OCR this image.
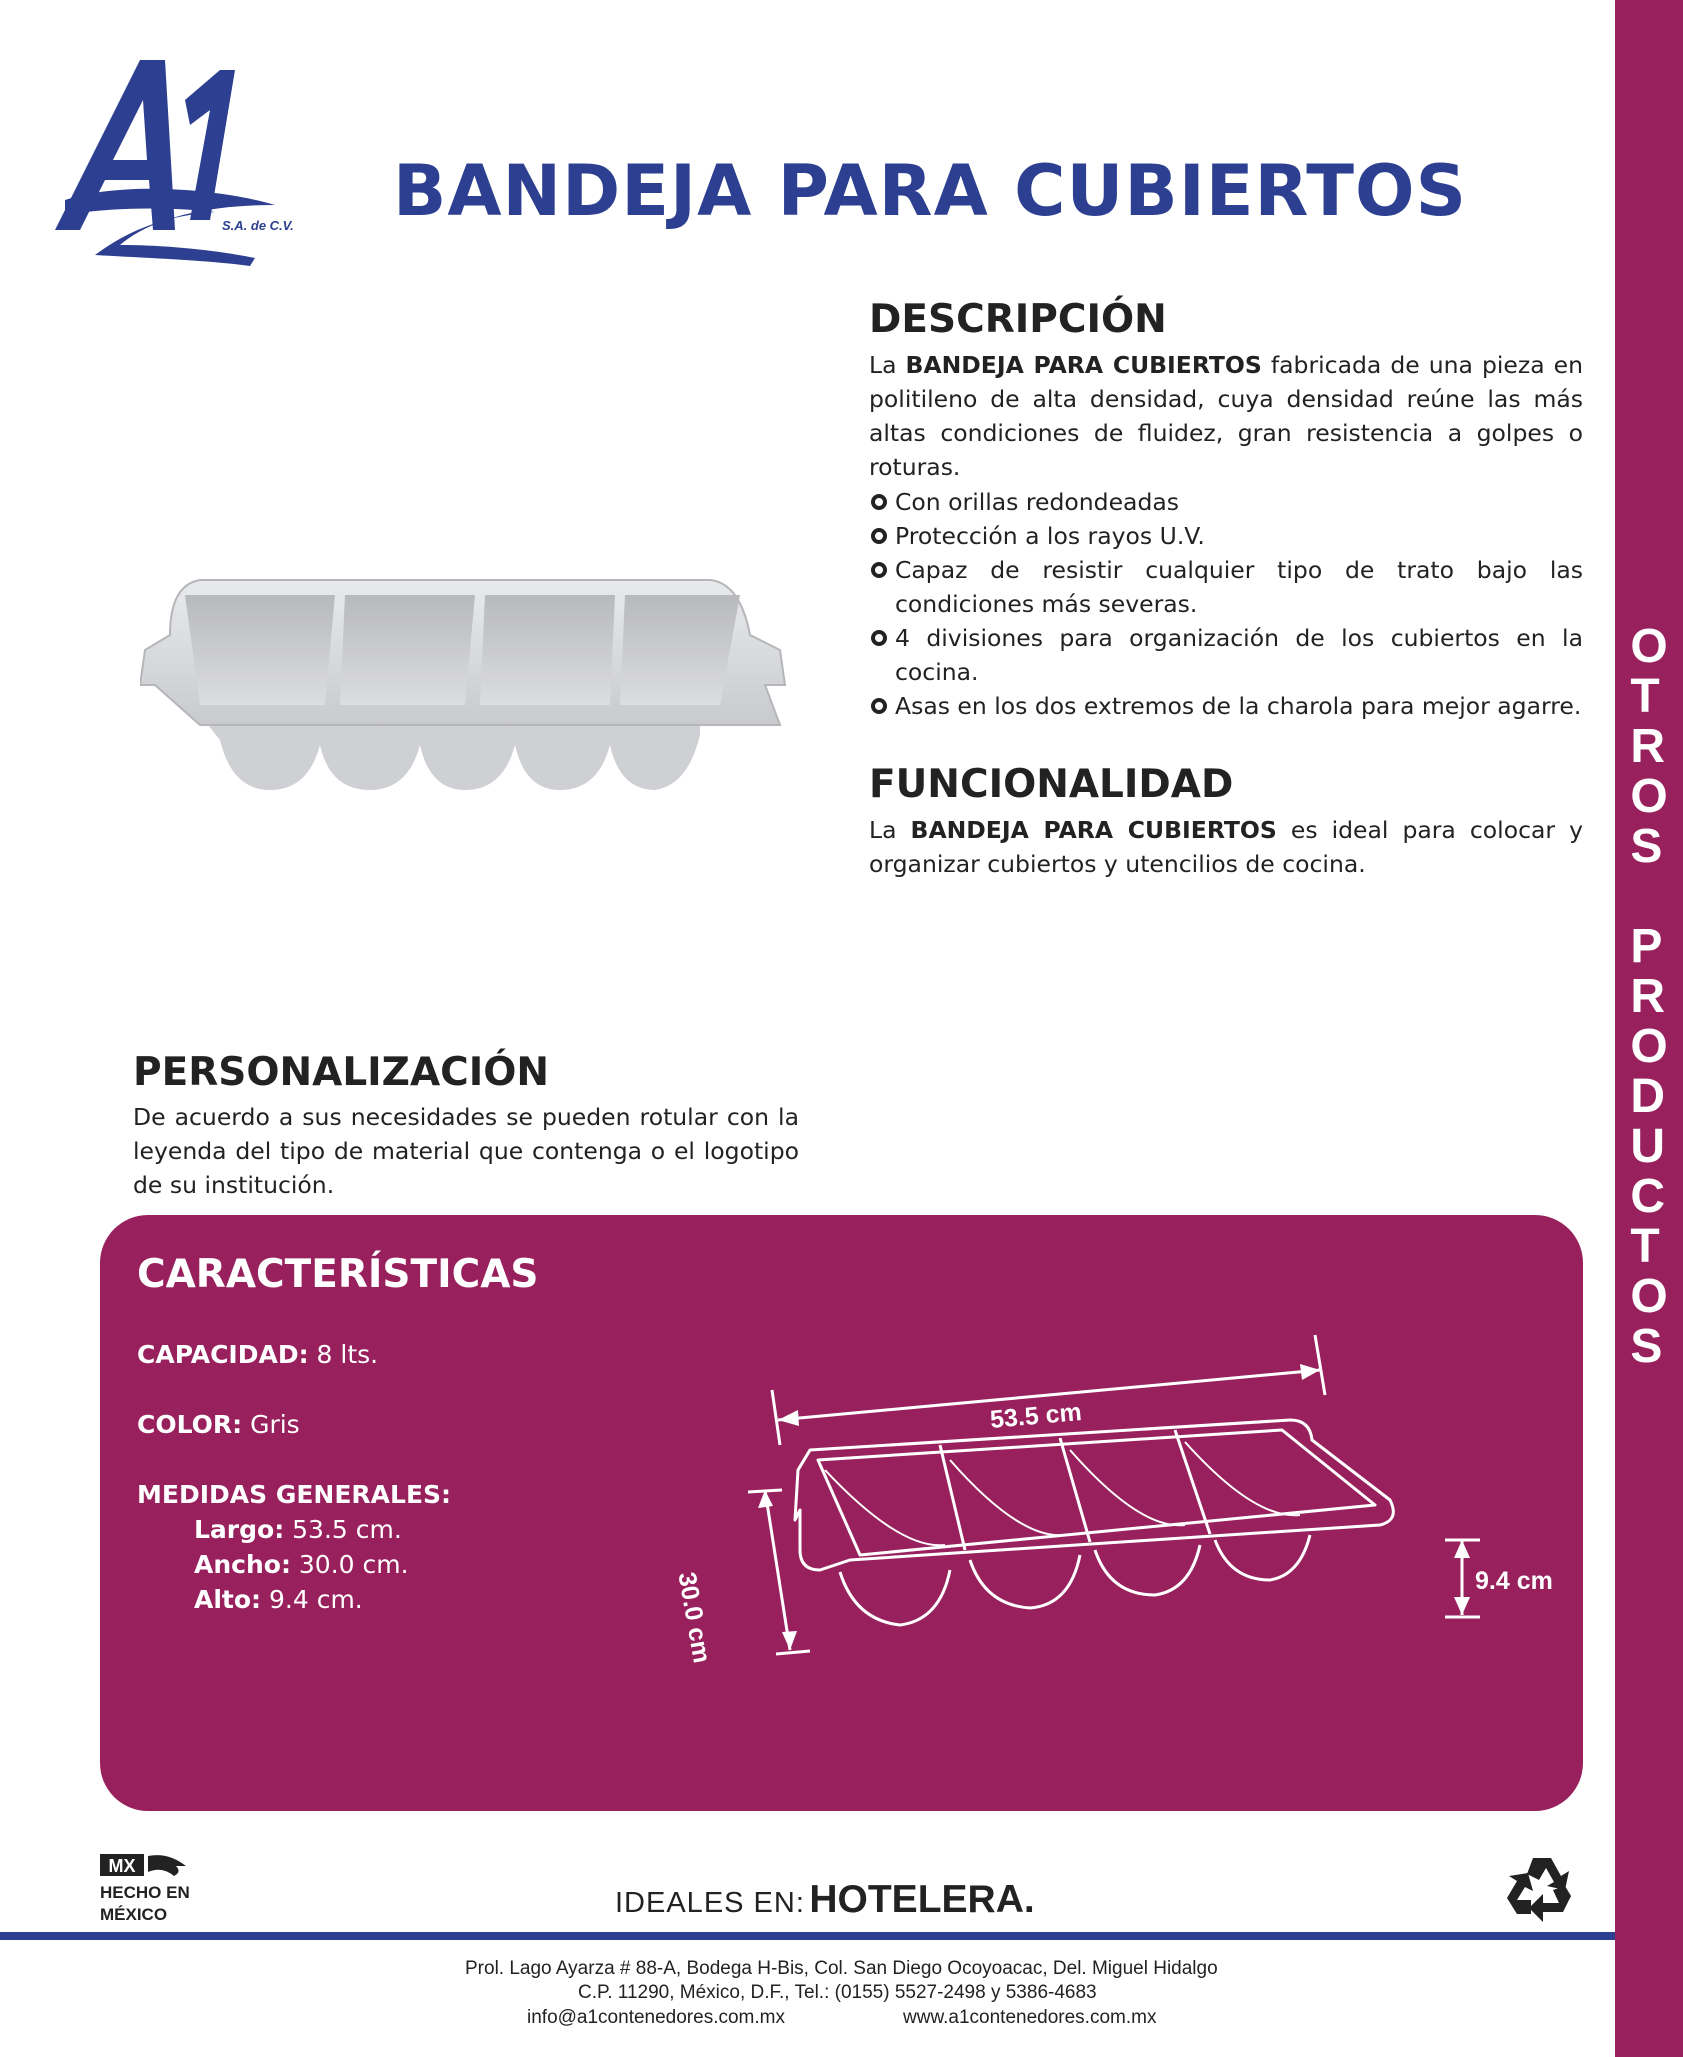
O
T
R
O
S
P
R
O
D
U
C
T
O
S
S.A. de C.V. BANDEJA PARA CUBIERTOS
DESCRIPCIÓN
La BANDEJA PARA CUBIERTOS fabricada de una pieza en politileno de alta densidad, cuya densidad reúne las más altas condiciones de fluidez, gran resistencia a golpes o roturas.
Con orillas redondeadas
Protección a los rayos U.V.
Capaz de resistir cualquier tipo de trato bajo las condiciones más severas.
4 divisiones para organización de los cubiertos en la cocina.
Asas en los dos extremos de la charola para mejor agarre.
FUNCIONALIDAD
La BANDEJA PARA CUBIERTOS es ideal para colocar y organizar cubiertos y utencilios de cocina.
PERSONALIZACIÓN
De acuerdo a sus necesidades se pueden rotular con la leyenda del tipo de material que contenga o el logotipo de su institución.
CARACTERÍSTICAS
CAPACIDAD: 8 lts.
COLOR: Gris
MEDIDAS GENERALES:
Largo: 53.5 cm.
Ancho: 30.0 cm.
Alto: 9.4 cm.
53.5 cm
30.0 cm	9.4 cm
MX
HECHO EN
MÉXICO	IDEALES EN: HOTELERA.
Prol. Lago Ayarza # 88-A, Bodega H-Bis, Col. San Diego Ocoyoacac, Del. Miguel Hidalgo
C.P. 11290, México, D.F., Tel.: (0155) 5527-2498 y 5386-4683
info@a1contenedores.com.mx	www.a1contenedores.com.mx
